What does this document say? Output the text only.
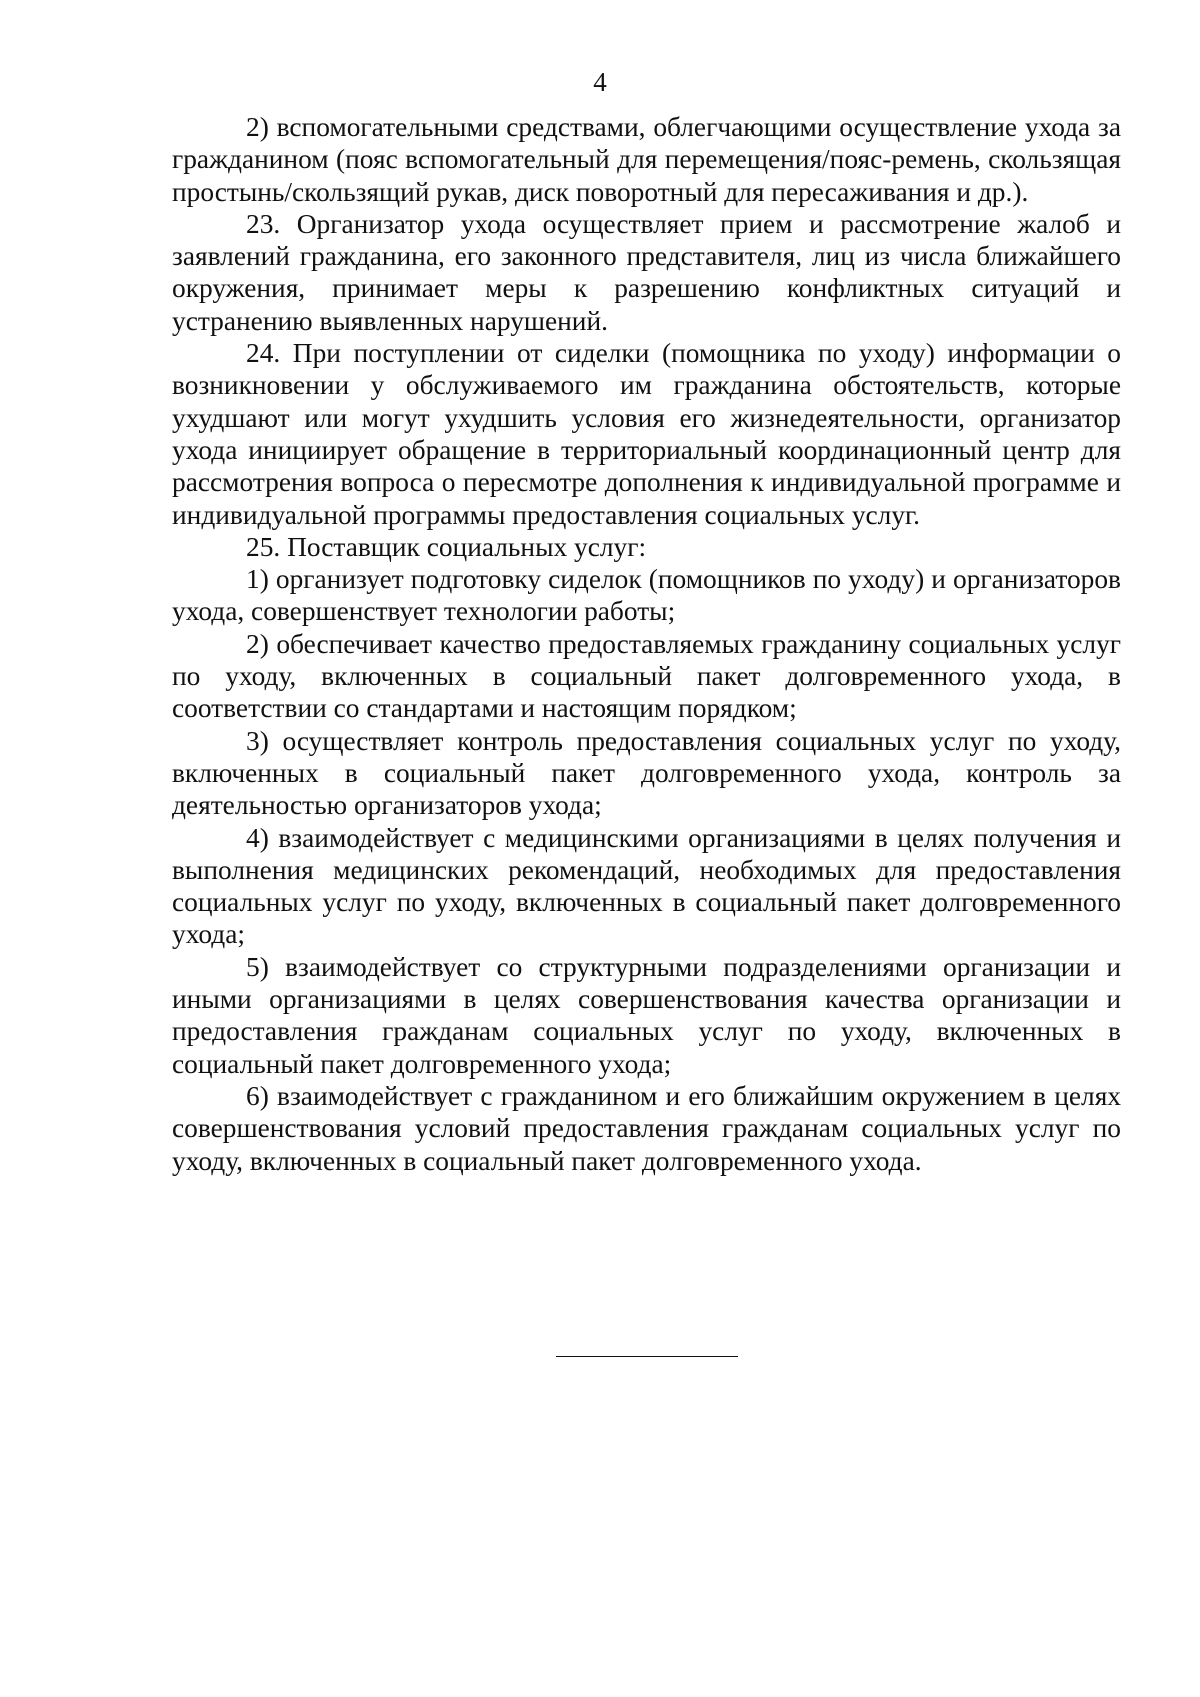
4

2) вспомогательными средствами, облегчающими осуществление ухода за гражданином (пояс вспомогательный для перемещения/пояс-ремень, скользящая простынь/скользящий рукав, диск поворотный для пересаживания и др.).

23. Организатор ухода осуществляет прием и рассмотрение жалоб и заявлений гражданина, его законного представителя, лиц из числа ближайшего окружения, принимает меры к разрешению конфликтных ситуаций и устранению выявленных нарушений.

24. При поступлении от сиделки (помощника по уходу) информации о возникновении у обслуживаемого им гражданина обстоятельств, которые ухудшают или могут ухудшить условия его жизнедеятельности, организатор ухода инициирует обращение в территориальный координационный центр для рассмотрения вопроса о пересмотре дополнения к индивидуальной программе и индивидуальной программы предоставления социальных услуг.

25. Поставщик социальных услуг:

1) организует подготовку сиделок (помощников по уходу) и организаторов ухода, совершенствует технологии работы;

2) обеспечивает качество предоставляемых гражданину социальных услуг по уходу, включенных в социальный пакет долговременного ухода, в соответствии со стандартами и настоящим порядком;

3) осуществляет контроль предоставления социальных услуг по уходу, включенных в социальный пакет долговременного ухода, контроль за деятельностью организаторов ухода;

4) взаимодействует с медицинскими организациями в целях получения и выполнения медицинских рекомендаций, необходимых для предоставления социальных услуг по уходу, включенных в социальный пакет долговременного ухода;

5) взаимодействует со структурными подразделениями организации и иными организациями в целях совершенствования качества организации и предоставления гражданам социальных услуг по уходу, включенных в социальный пакет долговременного ухода;

6) взаимодействует с гражданином и его ближайшим окружением в целях совершенствования условий предоставления гражданам социальных услуг по уходу, включенных в социальный пакет долговременного ухода.
